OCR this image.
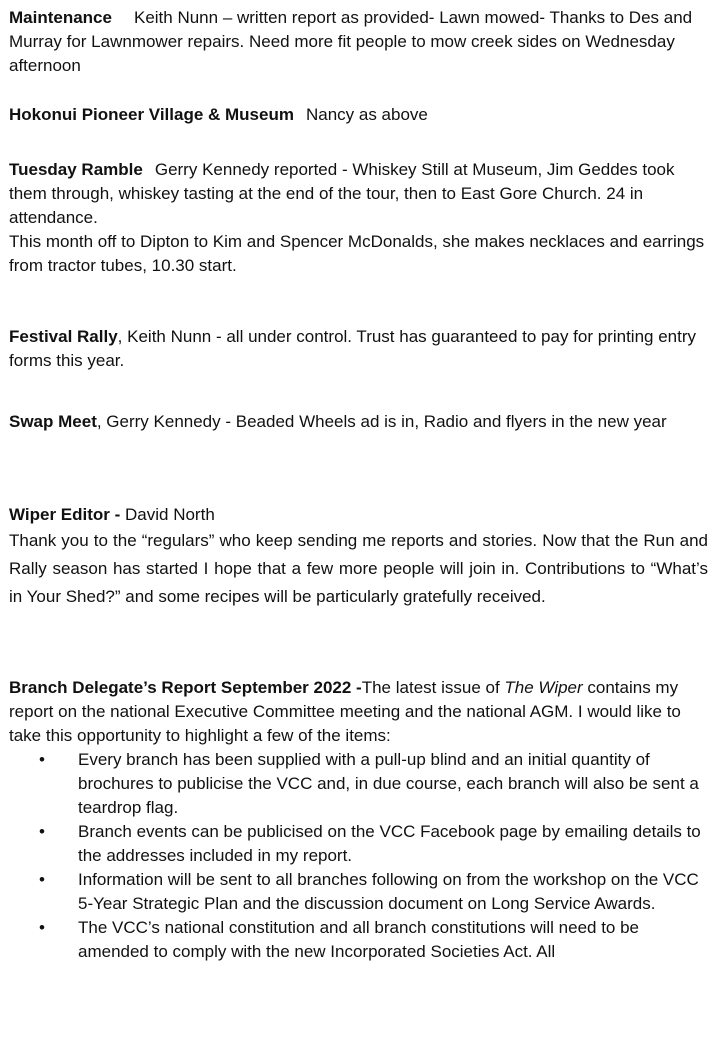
Maintenance Keith Nunn – written report as provided- Lawn mowed- Thanks to Des and Murray for Lawnmower repairs. Need more fit people to mow creek sides on Wednesday afternoon

Hokonui Pioneer Village & Museum Nancy as above

Tuesday Ramble Gerry Kennedy reported - Whiskey Still at Museum, Jim Geddes took them through, whiskey tasting at the end of the tour, then to East Gore Church. 24 in attendance.

This month off to Dipton to Kim and Spencer McDonalds, she makes necklaces and earrings from tractor tubes, 10.30 start.

Festival Rally, Keith Nunn - all under control. Trust has guaranteed to pay for printing entry forms this year.

Swap Meet, Gerry Kennedy - Beaded Wheels ad is in, Radio and flyers in the new year

Wiper Editor - David North

Thank you to the “regulars” who keep sending me reports and stories. Now that the Run and Rally season has started I hope that a few more people will join in. Contributions to “What’s in Your Shed?” and some recipes will be particularly gratefully received.

Branch Delegate’s Report September 2022 -The latest issue of The Wiper contains my report on the national Executive Committee meeting and the national AGM. I would like to take this opportunity to highlight a few of the items:

• Every branch has been supplied with a pull-up blind and an initial quantity of brochures to publicise the VCC and, in due course, each branch will also be sent a teardrop flag.
• Branch events can be publicised on the VCC Facebook page by emailing details to the addresses included in my report.
• Information will be sent to all branches following on from the workshop on the VCC 5-Year Strategic Plan and the discussion document on Long Service Awards.
• The VCC’s national constitution and all branch constitutions will need to be amended to comply with the new Incorporated Societies Act. All
